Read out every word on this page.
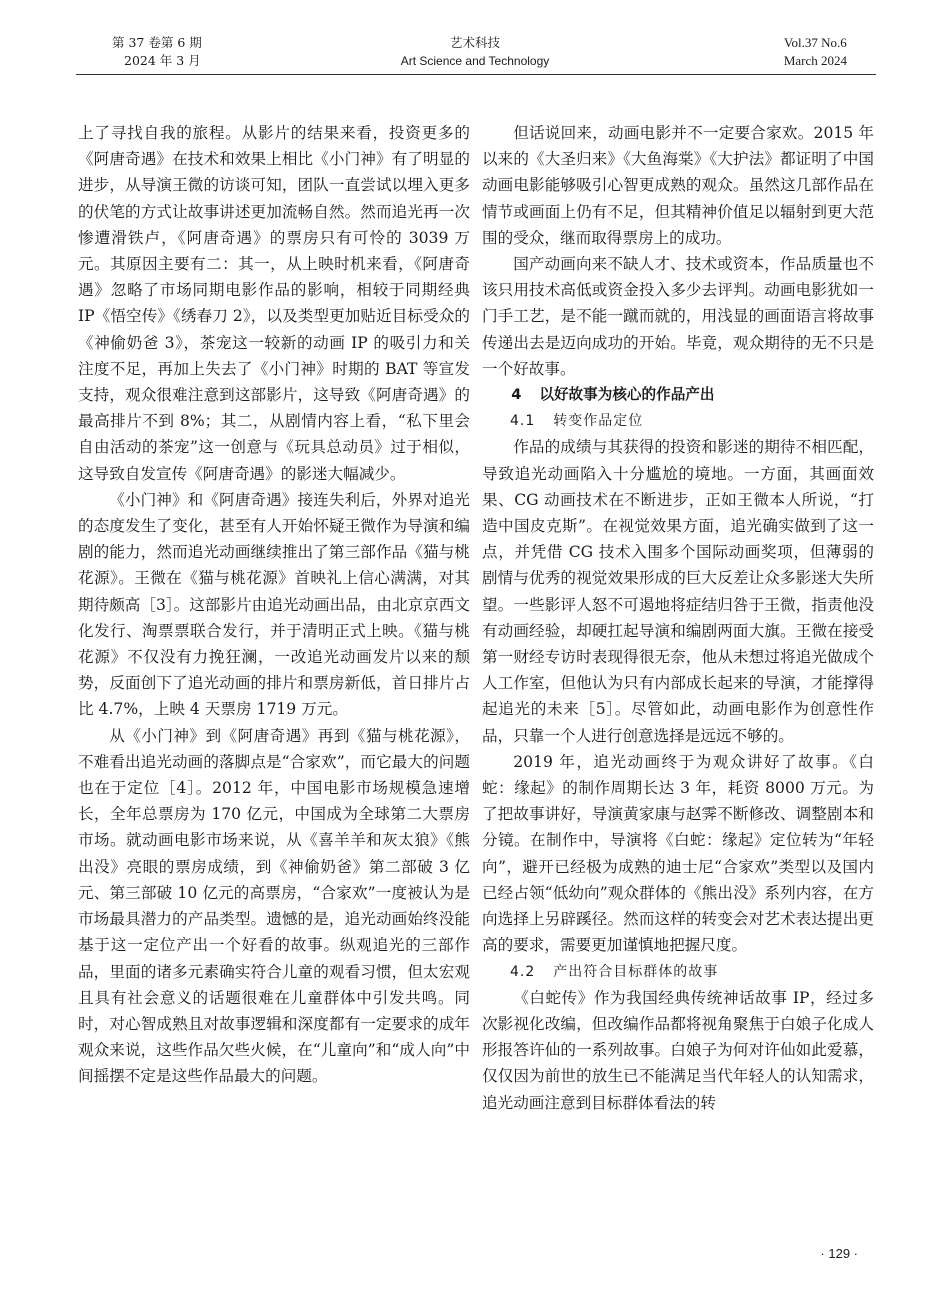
第 37 卷第 6 期
2024 年 3 月
艺术科技
Art Science and Technology
Vol.37 No.6
March 2024

上了寻找自我的旅程。从影片的结果来看，投资更多的《阿唐奇遇》在技术和效果上相比《小门神》有了明显的进步，从导演王微的访谈可知，团队一直尝试以埋入更多的伏笔的方式让故事讲述更加流畅自然。然而追光再一次惨遭滑铁卢，《阿唐奇遇》的票房只有可怜的 3039 万元。其原因主要有二：其一，从上映时机来看，《阿唐奇遇》忽略了市场同期电影作品的影响，相较于同期经典 IP《悟空传》《绣春刀 2》，以及类型更加贴近目标受众的《神偷奶爸 3》，茶宠这一较新的动画 IP 的吸引力和关注度不足，再加上失去了《小门神》时期的 BAT 等宣发支持，观众很难注意到这部影片，这导致《阿唐奇遇》的最高排片不到 8%；其二，从剧情内容上看，“私下里会自由活动的茶宠”这一创意与《玩具总动员》过于相似，这导致自发宣传《阿唐奇遇》的影迷大幅减少。

《小门神》和《阿唐奇遇》接连失利后，外界对追光的态度发生了变化，甚至有人开始怀疑王微作为导演和编剧的能力，然而追光动画继续推出了第三部作品《猫与桃花源》。王微在《猫与桃花源》首映礼上信心满满，对其期待颇高［3］。这部影片由追光动画出品，由北京京西文化发行、淘票票联合发行，并于清明正式上映。《猫与桃花源》不仅没有力挽狂澜，一改追光动画发片以来的颓势，反面创下了追光动画的排片和票房新低，首日排片占比 4.7%，上映 4 天票房 1719 万元。

从《小门神》到《阿唐奇遇》再到《猫与桃花源》，不难看出追光动画的落脚点是“合家欢”，而它最大的问题也在于定位［4］。2012 年，中国电影市场规模急速增长，全年总票房为 170 亿元，中国成为全球第二大票房市场。就动画电影市场来说，从《喜羊羊和灰太狼》《熊出没》亮眼的票房成绩，到《神偷奶爸》第二部破 3 亿元、第三部破 10 亿元的高票房，“合家欢”一度被认为是市场最具潜力的产品类型。遗憾的是，追光动画始终没能基于这一定位产出一个好看的故事。纵观追光的三部作品，里面的诸多元素确实符合儿童的观看习惯，但太宏观且具有社会意义的话题很难在儿童群体中引发共鸣。同时，对心智成熟且对故事逻辑和深度都有一定要求的成年观众来说，这些作品欠些火候，在“儿童向”和“成人向”中间摇摆不定是这些作品最大的问题。

但话说回来，动画电影并不一定要合家欢。2015 年以来的《大圣归来》《大鱼海棠》《大护法》都证明了中国动画电影能够吸引心智更成熟的观众。虽然这几部作品在情节或画面上仍有不足，但其精神价值足以辐射到更大范围的受众，继而取得票房上的成功。

国产动画向来不缺人才、技术或资本，作品质量也不该只用技术高低或资金投入多少去评判。动画电影犹如一门手工艺，是不能一蹴而就的，用浅显的画面语言将故事传递出去是迈向成功的开始。毕竟，观众期待的无不只是一个好故事。

4 以好故事为核心的作品产出
4.1 转变作品定位

作品的成绩与其获得的投资和影迷的期待不相匹配，导致追光动画陷入十分尴尬的境地。一方面，其画面效果、CG 动画技术在不断进步，正如王微本人所说，“打造中国皮克斯”。在视觉效果方面，追光确实做到了这一点，并凭借 CG 技术入围多个国际动画奖项，但薄弱的剧情与优秀的视觉效果形成的巨大反差让众多影迷大失所望。一些影评人怒不可遏地将症结归咎于王微，指责他没有动画经验，却硬扛起导演和编剧两面大旗。王微在接受第一财经专访时表现得很无奈，他从未想过将追光做成个人工作室，但他认为只有内部成长起来的导演，才能撑得起追光的未来［5］。尽管如此，动画电影作为创意性作品，只靠一个人进行创意选择是远远不够的。

2019 年，追光动画终于为观众讲好了故事。《白蛇：缘起》的制作周期长达 3 年，耗资 8000 万元。为了把故事讲好，导演黄家康与赵霁不断修改、调整剧本和分镜。在制作中，导演将《白蛇：缘起》定位转为“年轻向”，避开已经极为成熟的迪士尼“合家欢”类型以及国内已经占领“低幼向”观众群体的《熊出没》系列内容，在方向选择上另辟蹊径。然而这样的转变会对艺术表达提出更高的要求，需要更加谨慎地把握尺度。

4.2 产出符合目标群体的故事

《白蛇传》作为我国经典传统神话故事 IP，经过多次影视化改编，但改编作品都将视角聚焦于白娘子化成人形报答许仙的一系列故事。白娘子为何对许仙如此爱慕，仅仅因为前世的放生已不能满足当代年轻人的认知需求，追光动画注意到目标群体看法的转

· 129 ·
